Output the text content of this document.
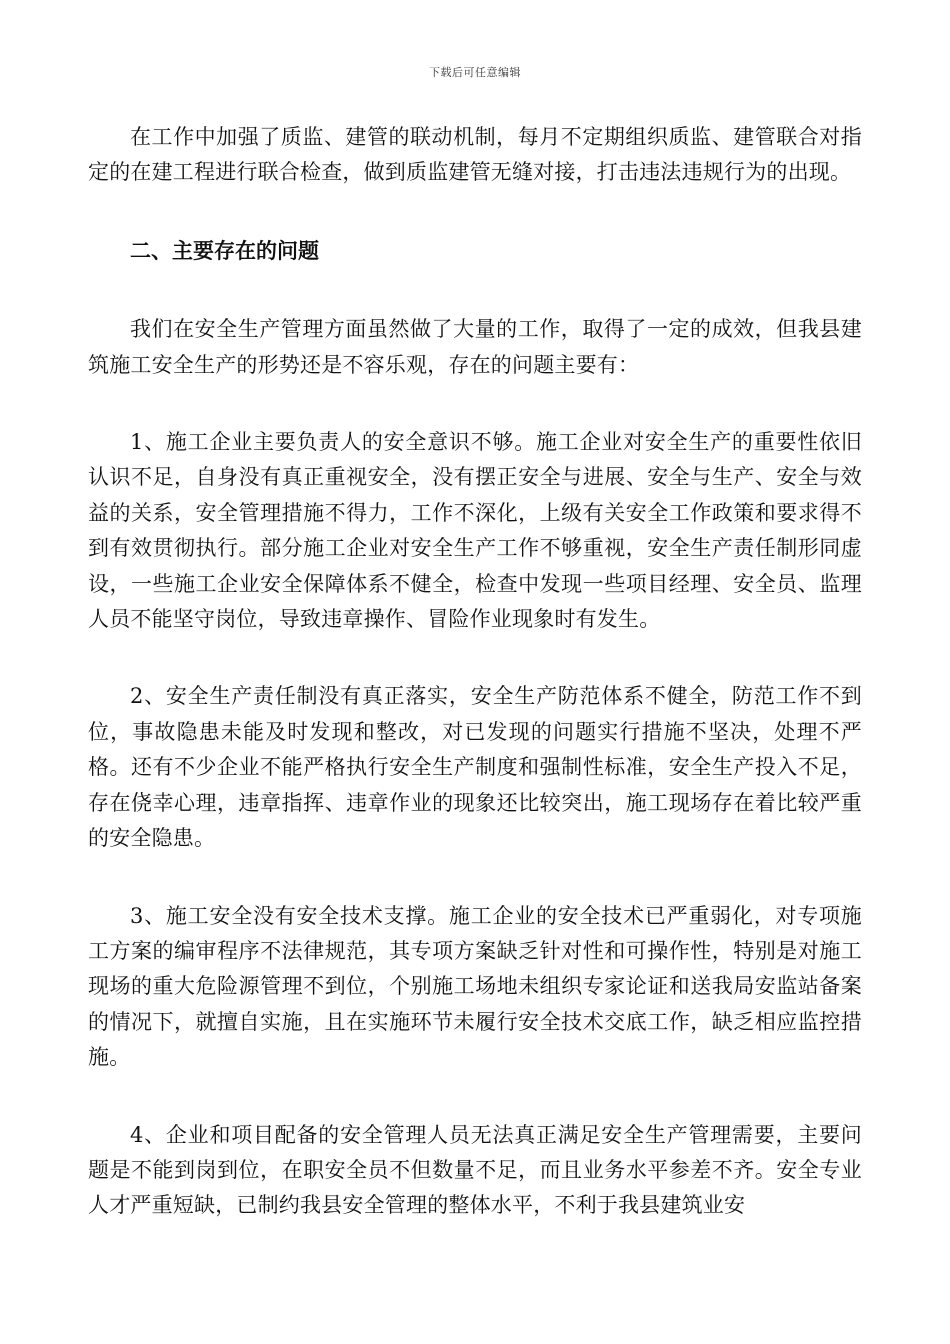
下载后可任意编辑

在工作中加强了质监、建管的联动机制，每月不定期组织质监、建管联合对指定的在建工程进行联合检查，做到质监建管无缝对接，打击违法违规行为的出现。

二、主要存在的问题

我们在安全生产管理方面虽然做了大量的工作，取得了一定的成效，但我县建筑施工安全生产的形势还是不容乐观，存在的问题主要有：

1、施工企业主要负责人的安全意识不够。施工企业对安全生产的重要性依旧认识不足，自身没有真正重视安全，没有摆正安全与进展、安全与生产、安全与效益的关系，安全管理措施不得力，工作不深化，上级有关安全工作政策和要求得不到有效贯彻执行。部分施工企业对安全生产工作不够重视，安全生产责任制形同虚设，一些施工企业安全保障体系不健全，检查中发现一些项目经理、安全员、监理人员不能坚守岗位，导致违章操作、冒险作业现象时有发生。

2、安全生产责任制没有真正落实，安全生产防范体系不健全，防范工作不到位，事故隐患未能及时发现和整改，对已发现的问题实行措施不坚决，处理不严格。还有不少企业不能严格执行安全生产制度和强制性标准，安全生产投入不足，存在侥幸心理，违章指挥、违章作业的现象还比较突出，施工现场存在着比较严重的安全隐患。

3、施工安全没有安全技术支撑。施工企业的安全技术已严重弱化，对专项施工方案的编审程序不法律规范，其专项方案缺乏针对性和可操作性，特别是对施工现场的重大危险源管理不到位，个别施工场地未组织专家论证和送我局安监站备案的情况下，就擅自实施，且在实施环节未履行安全技术交底工作，缺乏相应监控措施。

4、企业和项目配备的安全管理人员无法真正满足安全生产管理需要，主要问题是不能到岗到位，在职安全员不但数量不足，而且业务水平参差不齐。安全专业人才严重短缺，已制约我县安全管理的整体水平，不利于我县建筑业安
